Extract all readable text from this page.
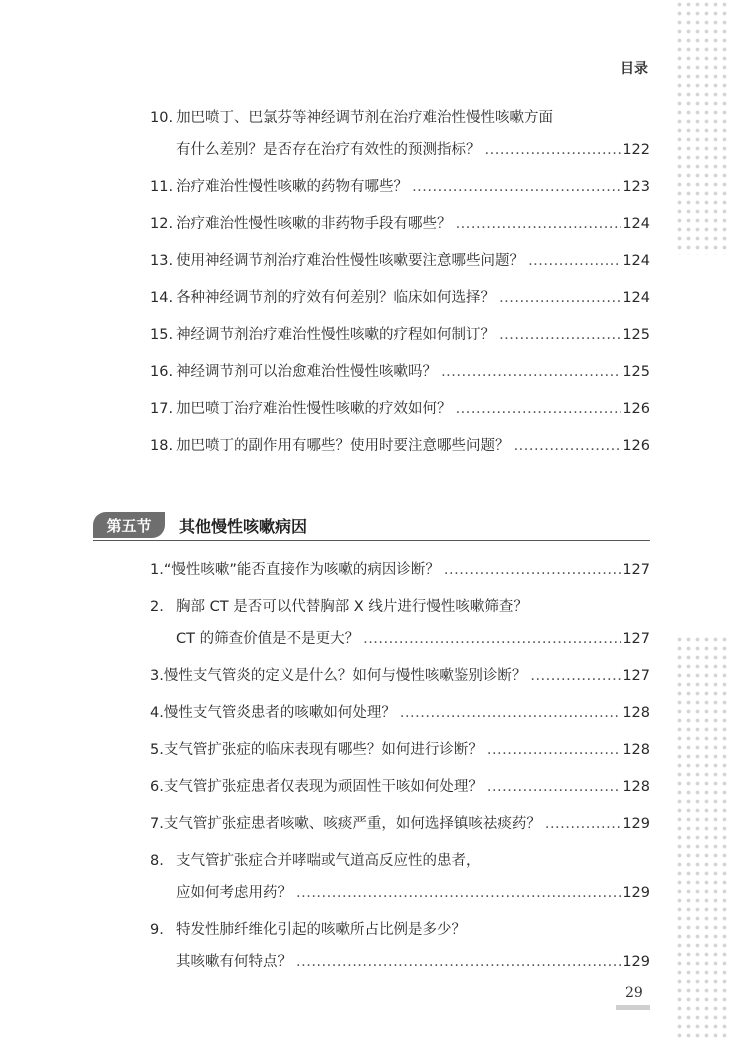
目录
10. 加巴喷丁、巴氯芬等神经调节剂在治疗难治性慢性咳嗽方面
有什么差别？是否存在治疗有效性的预测指标？ .....	122
11. 治疗难治性慢性咳嗽的药物有哪些？ .....	123
12. 治疗难治性慢性咳嗽的非药物手段有哪些？ .....	124
13. 使用神经调节剂治疗难治性慢性咳嗽要注意哪些问题？ .....	124
14. 各种神经调节剂的疗效有何差别？临床如何选择？ .....	124
15. 神经调节剂治疗难治性慢性咳嗽的疗程如何制订？ .....	125
16. 神经调节剂可以治愈难治性慢性咳嗽吗？ .....	125
17. 加巴喷丁治疗难治性慢性咳嗽的疗效如何？ .....	126
18. 加巴喷丁的副作用有哪些？使用时要注意哪些问题？ .....	126
第五节	其他慢性咳嗽病因
1. “慢性咳嗽”能否直接作为咳嗽的病因诊断？ .....	127
2. 胸部 CT 是否可以代替胸部 X 线片进行慢性咳嗽筛查？
CT 的筛查价值是不是更大？ .....	127
3. 慢性支气管炎的定义是什么？如何与慢性咳嗽鉴别诊断？ .....	127
4. 慢性支气管炎患者的咳嗽如何处理？ .....	128
5. 支气管扩张症的临床表现有哪些？如何进行诊断？ .....	128
6. 支气管扩张症患者仅表现为顽固性干咳如何处理？ .....	128
7. 支气管扩张症患者咳嗽、咳痰严重，如何选择镇咳祛痰药？ .....	129
8. 支气管扩张症合并哮喘或气道高反应性的患者，
应如何考虑用药？ .....	129
9. 特发性肺纤维化引起的咳嗽所占比例是多少？
其咳嗽有何特点？ .....	129
29
